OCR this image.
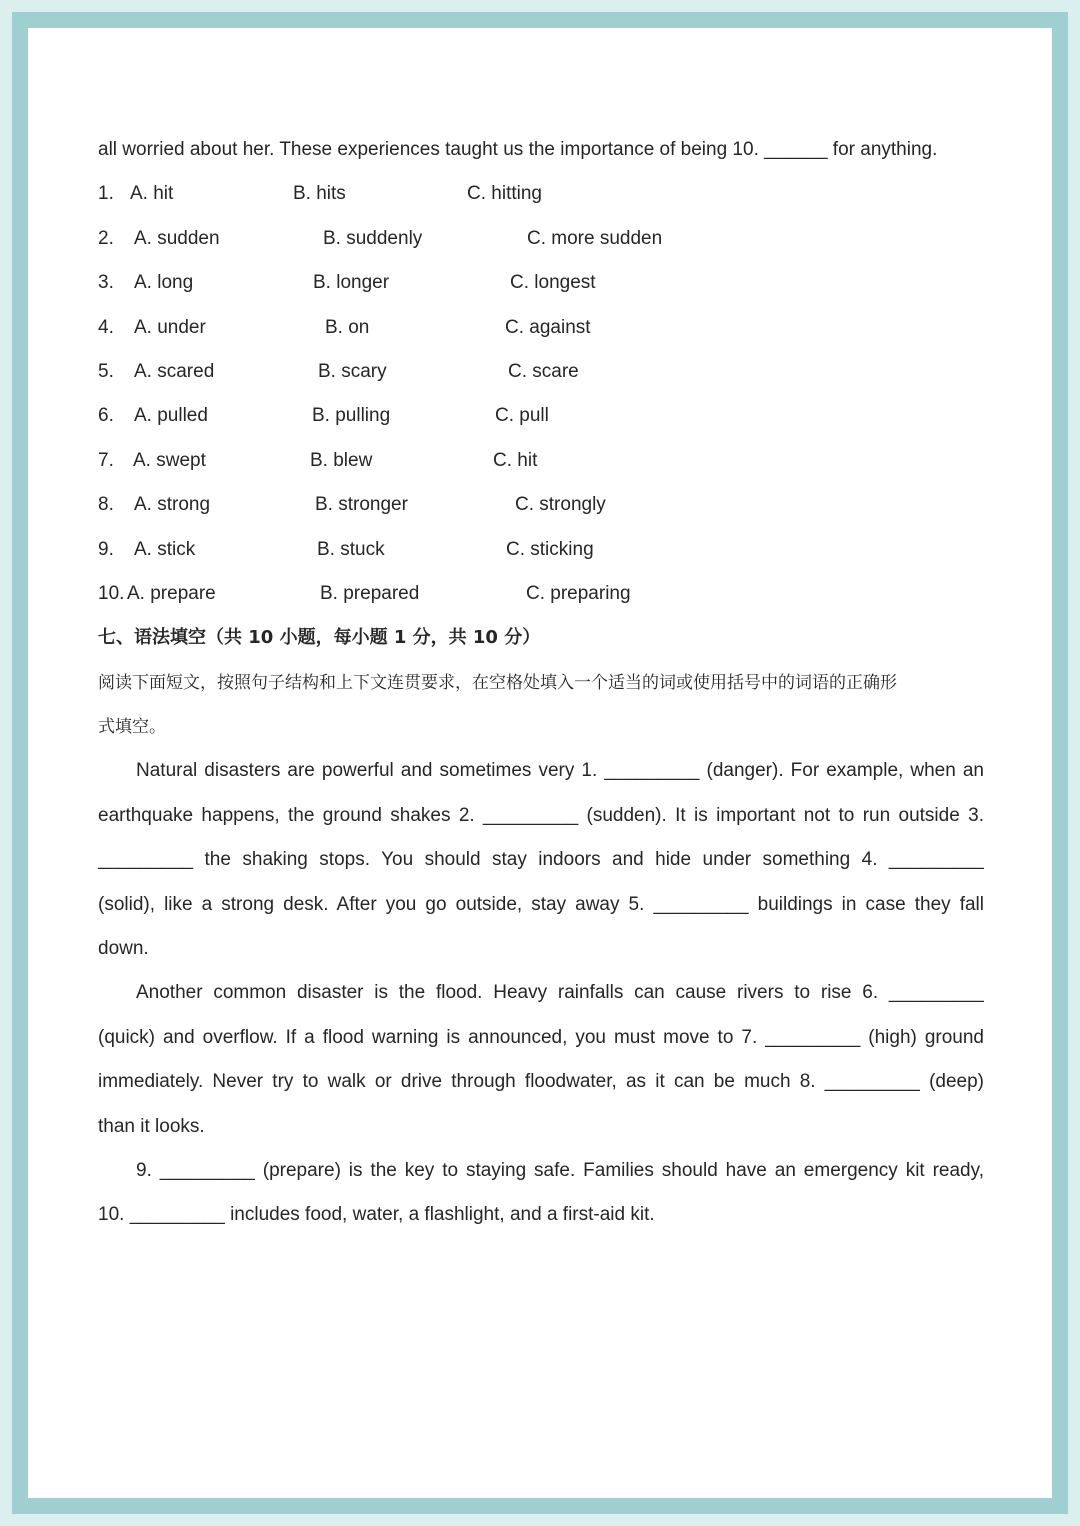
all worried about her. These experiences taught us the importance of being 10. ______ for anything.
1. A. hit	B. hits	C. hitting
2. A. sudden	B. suddenly	C. more sudden
3. A. long	B. longer	C. longest
4. A. under	B. on	C. against
5. A. scared	B. scary	C. scare
6. A. pulled	B. pulling	C. pull
7. A. swept	B. blew	C. hit
8. A. strong	B. stronger	C. strongly
9. A. stick	B. stuck	C. sticking
10. A. prepare	B. prepared	C. preparing
七、语法填空（共 10 小题，每小题 1 分，共 10 分）
阅读下面短文，按照句子结构和上下文连贯要求，在空格处填入一个适当的词或使用括号中的词语的正确形
式填空。
Natural disasters are powerful and sometimes very 1. _________ (danger). For example, when an
earthquake happens, the ground shakes 2. _________ (sudden). It is important not to run outside 3.
_________ the shaking stops. You should stay indoors and hide under something 4. _________
(solid), like a strong desk. After you go outside, stay away 5. _________ buildings in case they fall
down.
Another common disaster is the flood. Heavy rainfalls can cause rivers to rise 6. _________
(quick) and overflow. If a flood warning is announced, you must move to 7. _________ (high) ground
immediately. Never try to walk or drive through floodwater, as it can be much 8. _________ (deep)
than it looks.
9. _________ (prepare) is the key to staying safe. Families should have an emergency kit ready,
10. _________ includes food, water, a flashlight, and a first-aid kit.
